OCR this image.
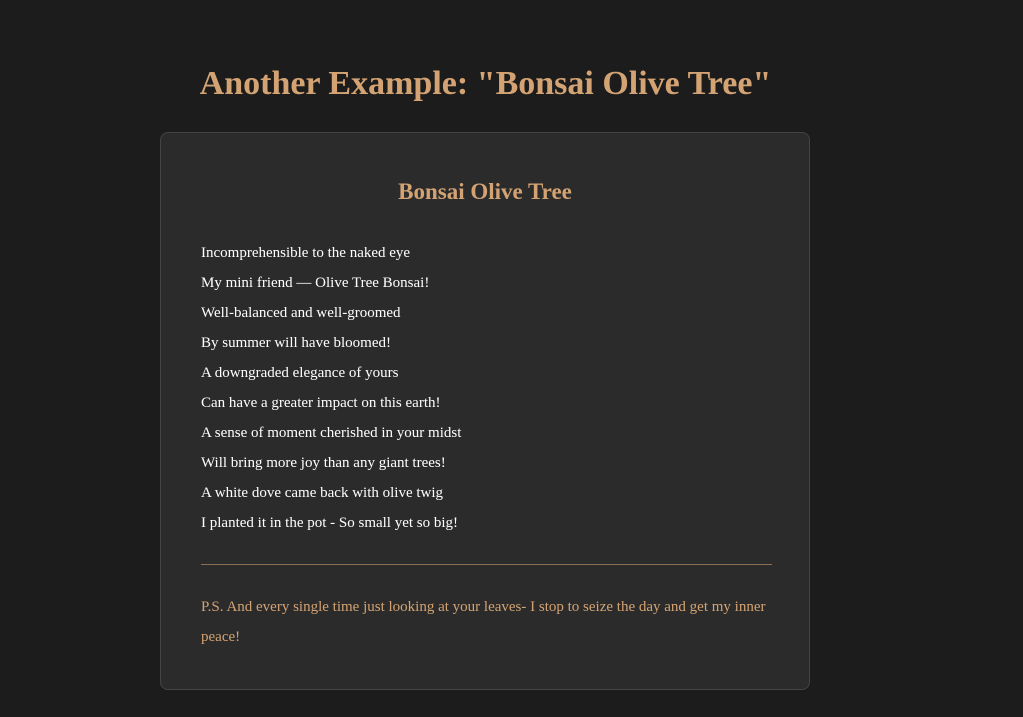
Another Example: "Bonsai Olive Tree"
Bonsai Olive Tree
Incomprehensible to the naked eye
My mini friend — Olive Tree Bonsai!
Well-balanced and well-groomed
By summer will have bloomed!
A downgraded elegance of yours
Can have a greater impact on this earth!
A sense of moment cherished in your midst
Will bring more joy than any giant trees!
A white dove came back with olive twig
I planted it in the pot - So small yet so big!

P.S. And every single time just looking at your leaves- I stop to seize the day and get my inner peace!
